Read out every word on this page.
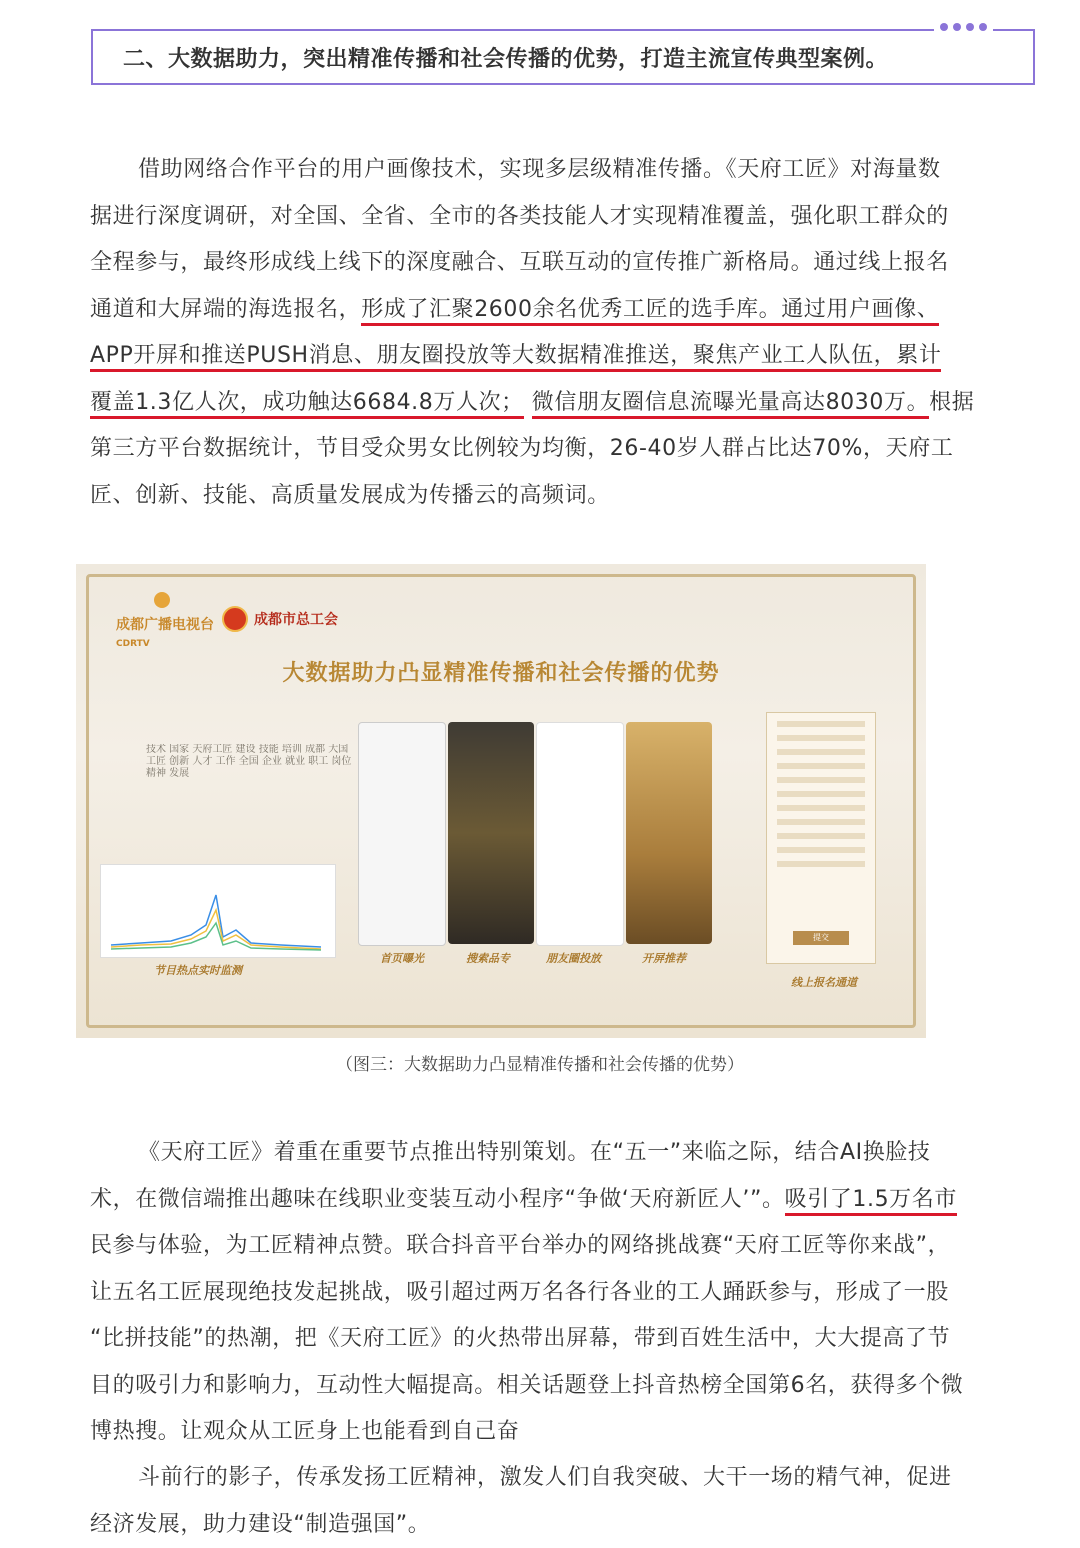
二、大数据助力，突出精准传播和社会传播的优势，打造主流宣传典型案例。
借助网络合作平台的用户画像技术，实现多层级精准传播。《天府工匠》对海量数
据进行深度调研，对全国、全省、全市的各类技能人才实现精准覆盖，强化职工群众的
全程参与，最终形成线上线下的深度融合、互联互动的宣传推广新格局。通过线上报名
通道和大屏端的海选报名，形成了汇聚2600余名优秀工匠的选手库。通过用户画像、
APP开屏和推送PUSH消息、朋友圈投放等大数据精准推送，聚焦产业工人队伍，累计
覆盖1.3亿人次，成功触达6684.8万人次； 微信朋友圈信息流曝光量高达8030万。根据
第三方平台数据统计，节目受众男女比例较为均衡，26-40岁人群占比达70%，天府工
匠、创新、技能、高质量发展成为传播云的高频词。
成都广播电视台
CDRTV
成都市总工会
大数据助力凸显精准传播和社会传播的优势
技术 国家 天府工匠 建设 技能 培训 成都 大国工匠 创新 人才 工作 全国 企业 就业 职工 岗位 精神 发展
节目热点实时监测
首页曝光	搜索品专	朋友圈投放	开屏推荐
提交
线上报名通道
（图三：大数据助力凸显精准传播和社会传播的优势）
《天府工匠》着重在重要节点推出特别策划。在“五一”来临之际，结合AI换脸技
术，在微信端推出趣味在线职业变装互动小程序“争做‘天府新匠人’”。吸引了1.5万名市
民参与体验，为工匠精神点赞。联合抖音平台举办的网络挑战赛“天府工匠等你来战”，
让五名工匠展现绝技发起挑战，吸引超过两万名各行各业的工人踊跃参与，形成了一股
“比拼技能”的热潮，把《天府工匠》的火热带出屏幕，带到百姓生活中，大大提高了节
目的吸引力和影响力，互动性大幅提高。相关话题登上抖音热榜全国第6名，获得多个微
博热搜。让观众从工匠身上也能看到自己奋
斗前行的影子，传承发扬工匠精神，激发人们自我突破、大干一场的精气神，促进
经济发展，助力建设“制造强国”。
